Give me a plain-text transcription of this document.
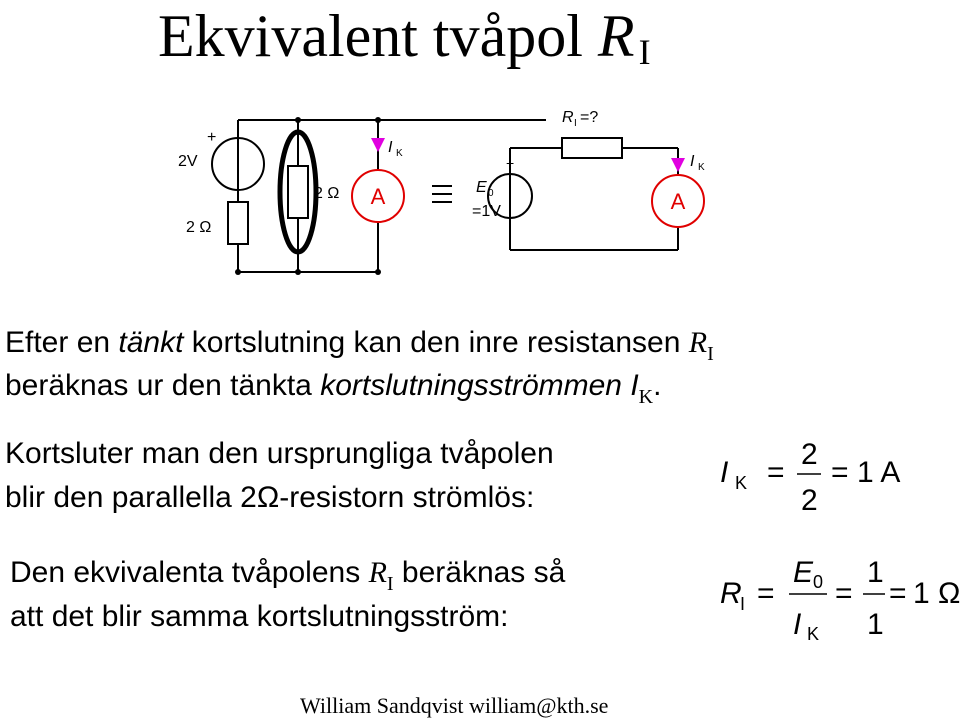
Ekvivalent tvåpol R $_I$
+
2V
2 Ω
2 Ω
I K
A
R I =?
+
E 0
=1V
I K
A
Efter en tänkt kortslutning kan den inre resistansen $R_I$
beräknas ur den tänkta kortslutningsströmmen $I_K$.
Kortsluter man den ursprungliga tvåpolen
blir den parallella 2Ω-resistorn strömlös:
Den ekvivalenta tvåpolens $R_I$ beräknas så
att det blir samma kortslutningsström:
I K =
2
2
= 1 A
R
I =
E 0
I K
=
1
1
= 1 Ω
William Sandqvist william@kth.se
